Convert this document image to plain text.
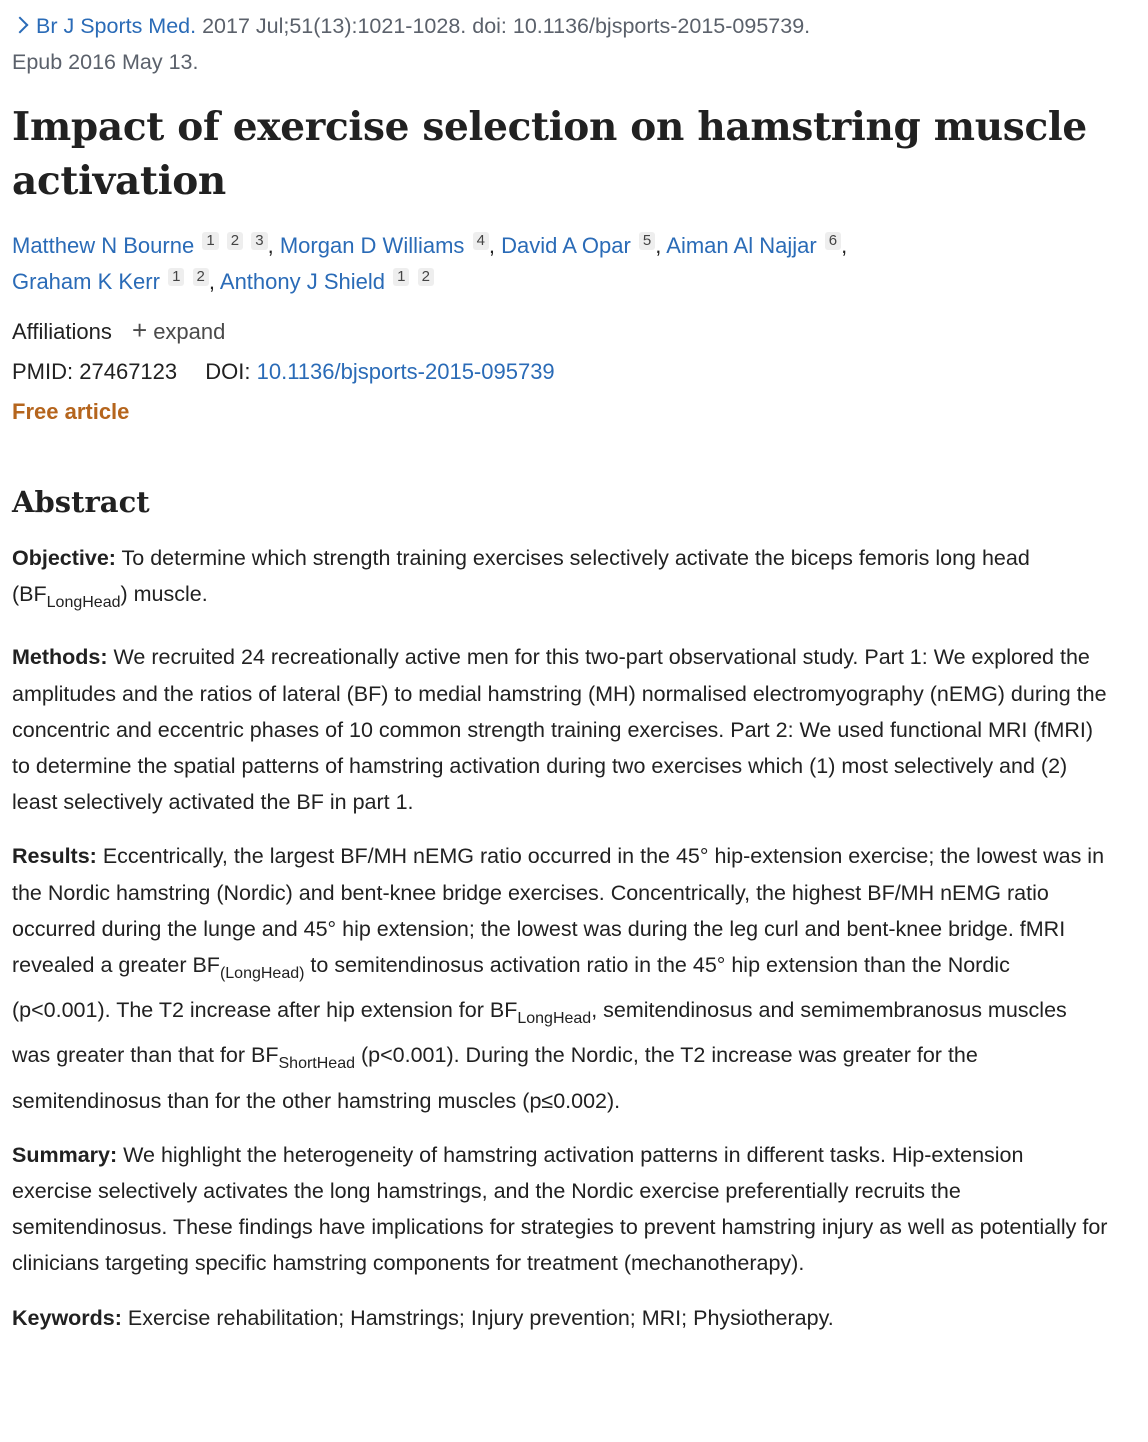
Br J Sports Med. 2017 Jul;51(13):1021-1028. doi: 10.1136/bjsports-2015-095739.
Epub 2016 May 13.
Impact of exercise selection on hamstring muscle
activation
Matthew N Bourne 1 2 3 , Morgan D Williams 4 , David A Opar 5 , Aiman Al Najjar 6 ,
Graham K Kerr 1 2 , Anthony J Shield 1 2
Affiliations + expand
PMID: 27467123 DOI: 10.1136/bjsports-2015-095739
Free article
Abstract

Objective: To determine which strength training exercises selectively activate the biceps femoris long head $(BF_{LongHead})$ muscle.

Methods: We recruited 24 recreationally active men for this two-part observational study. Part 1: We explored the amplitudes and the ratios of lateral (BF) to medial hamstring (MH) normalised electromyography (nEMG) during the concentric and eccentric phases of 10 common strength training exercises. Part 2: We used functional MRI (fMRI) to determine the spatial patterns of hamstring activation during two exercises which (1) most selectively and (2) least selectively activated the BF in part 1.

Results: Eccentrically, the largest BF/MH nEMG ratio occurred in the 45° hip-extension exercise; the lowest was in the Nordic hamstring (Nordic) and bent-knee bridge exercises. Concentrically, the highest BF/MH nEMG ratio occurred during the lunge and 45° hip extension; the lowest was during the leg curl and bent-knee bridge. fMRI revealed a greater $BF_{(LongHead)}$ to semitendinosus activation ratio in the 45° hip extension than the Nordic (p<0.001). The T2 increase after hip extension for $BF_{LongHead}$, semitendinosus and semimembranosus muscles was greater than that for $BF_{ShortHead}$ (p<0.001). During the Nordic, the T2 increase was greater for the semitendinosus than for the other hamstring muscles (p≤0.002).

Summary: We highlight the heterogeneity of hamstring activation patterns in different tasks. Hip-extension exercise selectively activates the long hamstrings, and the Nordic exercise preferentially recruits the semitendinosus. These findings have implications for strategies to prevent hamstring injury as well as potentially for clinicians targeting specific hamstring components for treatment (mechanotherapy).

Keywords: Exercise rehabilitation; Hamstrings; Injury prevention; MRI; Physiotherapy.
